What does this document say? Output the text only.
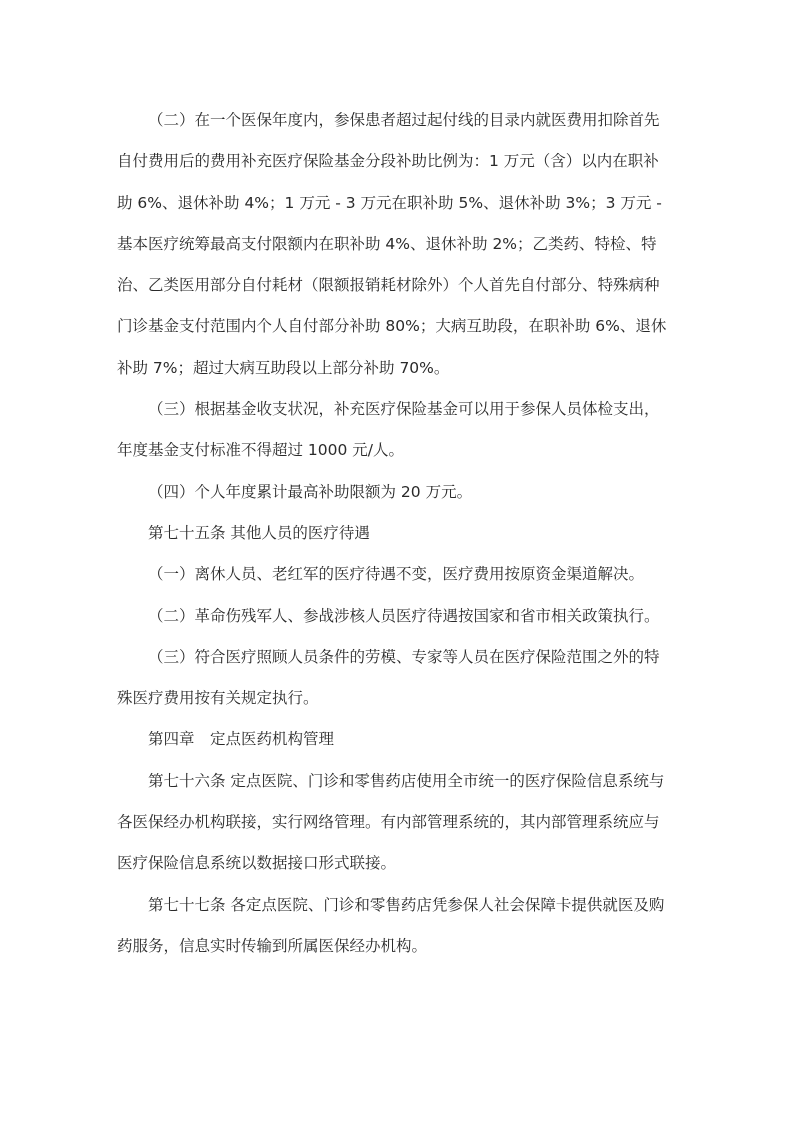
（二）在一个医保年度内，参保患者超过起付线的目录内就医费用扣除首先
自付费用后的费用补充医疗保险基金分段补助比例为：1 万元（含）以内在职补
助 6%、退休补助 4%；1 万元 - 3 万元在职补助 5%、退休补助 3%；3 万元 -
基本医疗统筹最高支付限额内在职补助 4%、退休补助 2%；乙类药、特检、特
治、乙类医用部分自付耗材（限额报销耗材除外）个人首先自付部分、特殊病种
门诊基金支付范围内个人自付部分补助 80%；大病互助段，在职补助 6%、退休
补助 7%；超过大病互助段以上部分补助 70%。
（三）根据基金收支状况，补充医疗保险基金可以用于参保人员体检支出，
年度基金支付标准不得超过 1000 元/人。
（四）个人年度累计最高补助限额为 20 万元。
第七十五条 其他人员的医疗待遇
（一）离休人员、老红军的医疗待遇不变，医疗费用按原资金渠道解决。
（二）革命伤残军人、参战涉核人员医疗待遇按国家和省市相关政策执行。
（三）符合医疗照顾人员条件的劳模、专家等人员在医疗保险范围之外的特
殊医疗费用按有关规定执行。
第四章　定点医药机构管理
第七十六条 定点医院、门诊和零售药店使用全市统一的医疗保险信息系统与
各医保经办机构联接，实行网络管理。有内部管理系统的，其内部管理系统应与
医疗保险信息系统以数据接口形式联接。
第七十七条 各定点医院、门诊和零售药店凭参保人社会保障卡提供就医及购
药服务，信息实时传输到所属医保经办机构。
